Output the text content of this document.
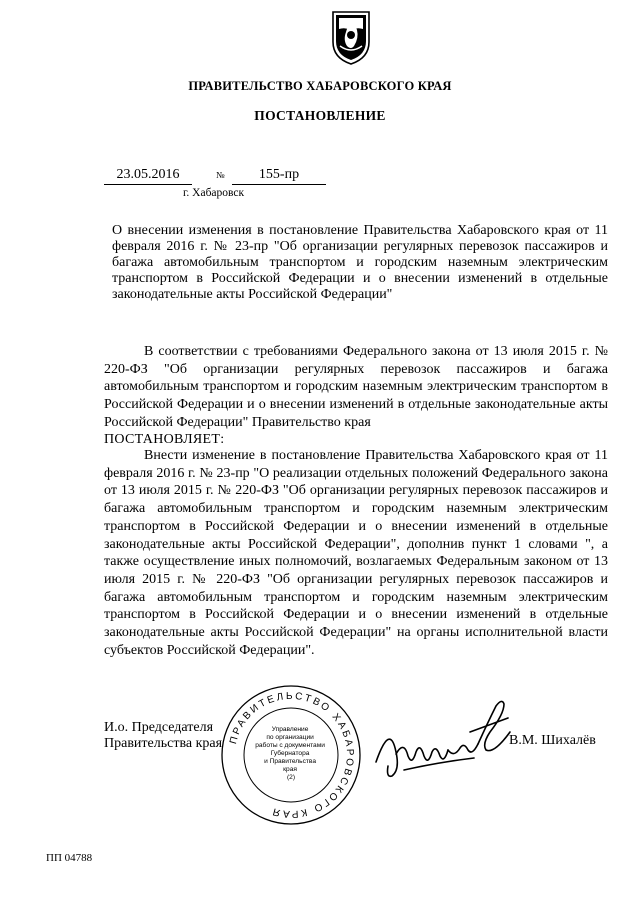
ПРАВИТЕЛЬСТВО ХАБАРОВСКОГО КРАЯ
ПОСТАНОВЛЕНИЕ
23.05.2016	№	155-пр
г. Хабаровск
О внесении изменения в постановление Правительства Хабаровского края от 11 февраля 2016 г. № 23-пр "Об организации регулярных перевозок пассажиров и багажа автомобильным транспортом и городским наземным электрическим транспортом в Российской Федерации и о внесении изменений в отдельные законодательные акты Российской Федерации"

В соответствии с требованиями Федерального закона от 13 июля 2015 г. № 220-ФЗ "Об организации регулярных перевозок пассажиров и багажа автомобильным транспортом и городским наземным электрическим транспортом в Российской Федерации и о внесении изменений в отдельные законодательные акты Российской Федерации" Правительство края

ПОСТАНОВЛЯЕТ:

Внести изменение в постановление Правительства Хабаровского края от 11 февраля 2016 г. № 23-пр "О реализации отдельных положений Федерального закона от 13 июля 2015 г. № 220-ФЗ "Об организации регулярных перевозок пассажиров и багажа автомобильным транспортом и городским наземным электрическим транспортом в Российской Федерации и о внесении изменений в отдельные законодательные акты Российской Федерации", дополнив пункт 1 словами ", а также осуществление иных полномочий, возлагаемых Федеральным законом от 13 июля 2015 г. № 220-ФЗ "Об организации регулярных перевозок пассажиров и багажа автомобильным транспортом и городским наземным электрическим транспортом в Российской Федерации и о внесении изменений в отдельные законодательные акты Российской Федерации" на органы исполнительной власти субъектов Российской Федерации".

И.о. Председателя
Правительства края ПРАВИТЕЛЬСТВО ХАБАРОВСКОГО КРАЯ
Управление по организации работы с документами Губернатора и Правительства края (2)
В.М. Шихалёв
ПП 04788
